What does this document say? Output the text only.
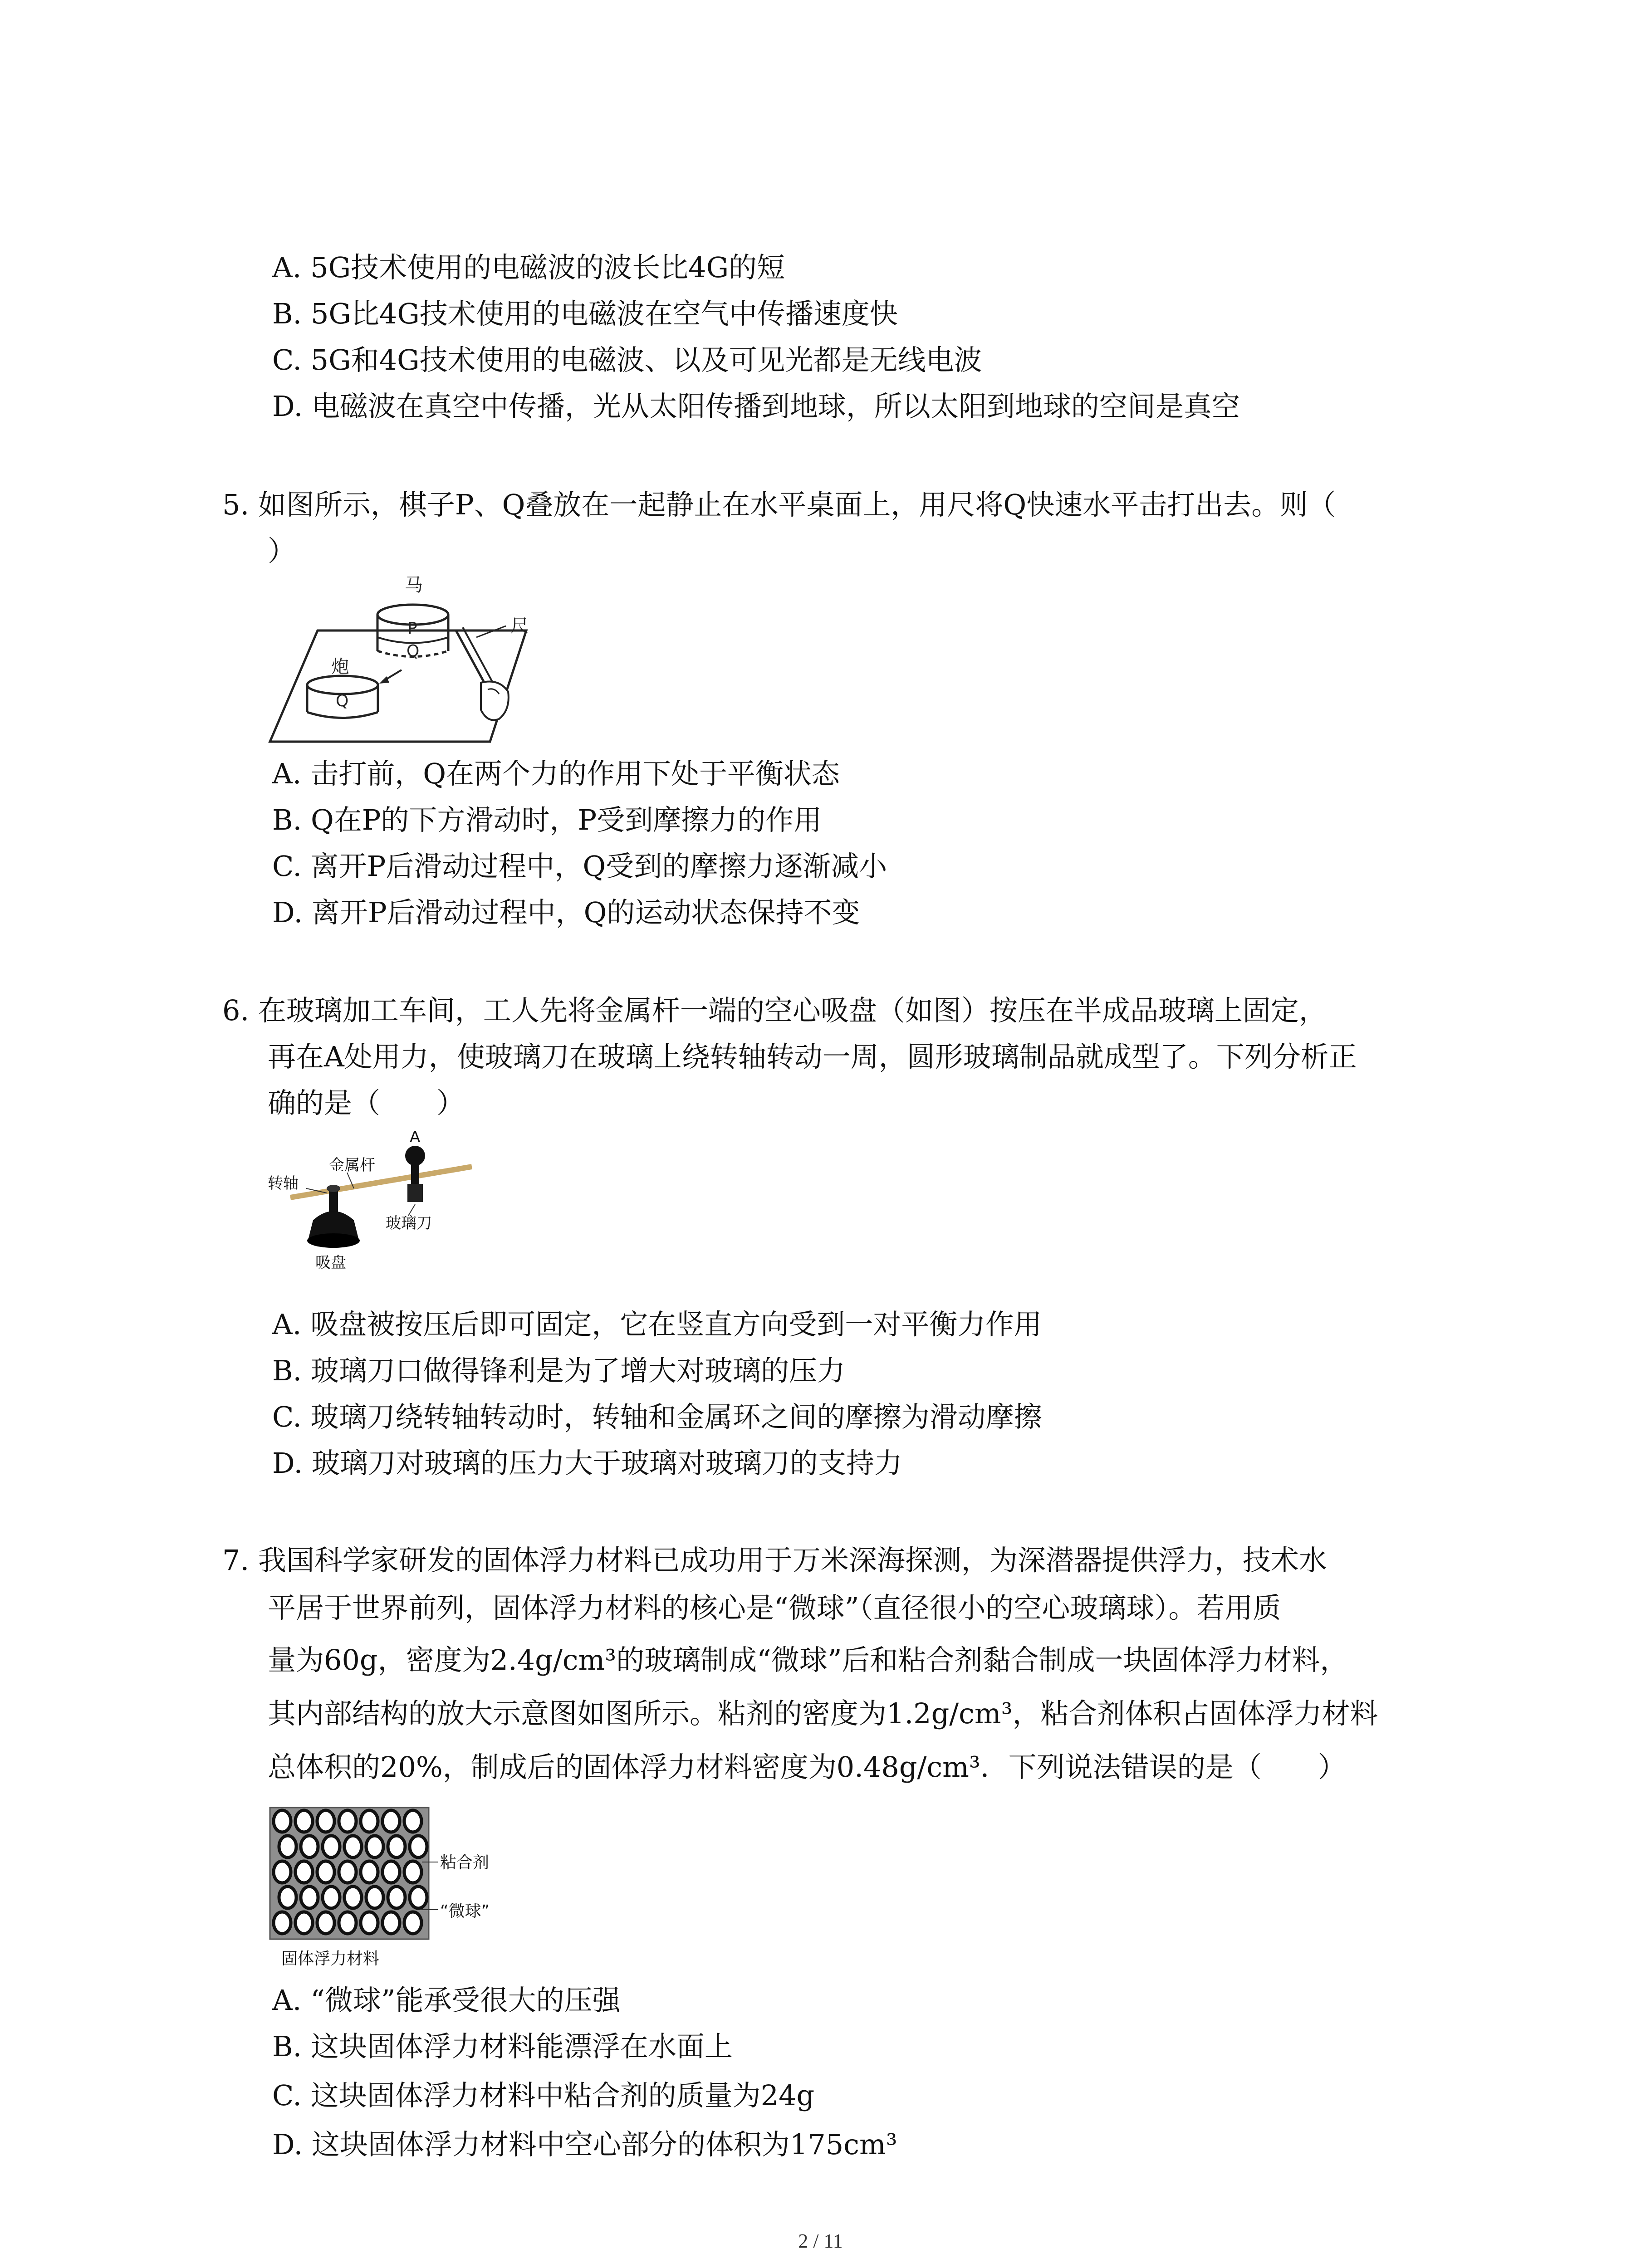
A. 5G技术使用的电磁波的波长比4G的短
B. 5G比4G技术使用的电磁波在空气中传播速度快
C. 5G和4G技术使用的电磁波、以及可见光都是无线电波
D. 电磁波在真空中传播，光从太阳传播到地球，所以太阳到地球的空间是真空
5. 如图所示，棋子P、Q叠放在一起静止在水平桌面上，用尺将Q快速水平击打出去。则（
）
马
P
Q
炮
Q
尺
A. 击打前，Q在两个力的作用下处于平衡状态
B. Q在P的下方滑动时，P受到摩擦力的作用
C. 离开P后滑动过程中，Q受到的摩擦力逐渐减小
D. 离开P后滑动过程中，Q的运动状态保持不变
6. 在玻璃加工车间，工人先将金属杆一端的空心吸盘（如图）按压在半成品玻璃上固定，
再在A处用力，使玻璃刀在玻璃上绕转轴转动一周，圆形玻璃制品就成型了。下列分析正
确的是（　　）
A
转轴
金属杆
玻璃刀
吸盘
A. 吸盘被按压后即可固定，它在竖直方向受到一对平衡力作用
B. 玻璃刀口做得锋利是为了增大对玻璃的压力
C. 玻璃刀绕转轴转动时，转轴和金属环之间的摩擦为滑动摩擦
D. 玻璃刀对玻璃的压力大于玻璃对玻璃刀的支持力
7. 我国科学家研发的固体浮力材料已成功用于万米深海探测，为深潜器提供浮力，技术水
平居于世界前列，固体浮力材料的核心是“微球”（直径很小的空心玻璃球）。若用质
量为60g，密度为2.4g/cm³的玻璃制成“微球”后和粘合剂黏合制成一块固体浮力材料，
其内部结构的放大示意图如图所示。粘剂的密度为1.2g/cm³，粘合剂体积占固体浮力材料
总体积的20%，制成后的固体浮力材料密度为0.48g/cm³．下列说法错误的是（　　）
粘合剂
“微球”
固体浮力材料
A. “微球”能承受很大的压强
B. 这块固体浮力材料能漂浮在水面上
C. 这块固体浮力材料中粘合剂的质量为24g
D. 这块固体浮力材料中空心部分的体积为175cm³
2 / 11
